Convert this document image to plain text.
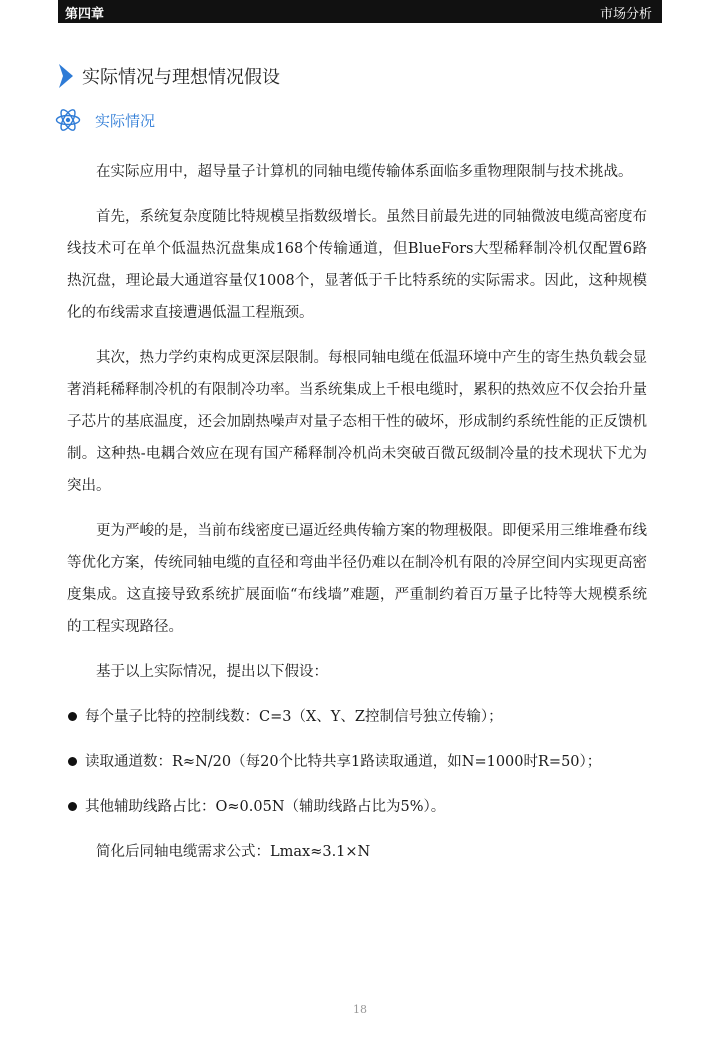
第四章	市场分析
实际情况与理想情况假设
实际情况

在实际应用中，超导量子计算机的同轴电缆传输体系面临多重物理限制与技术挑战。

首先，系统复杂度随比特规模呈指数级增长。虽然目前最先进的同轴微波电缆高密度布线技术可在单个低温热沉盘集成168个传输通道，但BlueFors大型稀释制冷机仅配置6路热沉盘，理论最大通道容量仅1008个，显著低于千比特系统的实际需求。因此，这种规模化的布线需求直接遭遇低温工程瓶颈。

其次，热力学约束构成更深层限制。每根同轴电缆在低温环境中产生的寄生热负载会显著消耗稀释制冷机的有限制冷功率。当系统集成上千根电缆时，累积的热效应不仅会抬升量子芯片的基底温度，还会加剧热噪声对量子态相干性的破坏，形成制约系统性能的正反馈机制。这种热-电耦合效应在现有国产稀释制冷机尚未突破百微瓦级制冷量的技术现状下尤为突出。

更为严峻的是，当前布线密度已逼近经典传输方案的物理极限。即便采用三维堆叠布线等优化方案，传统同轴电缆的直径和弯曲半径仍难以在制冷机有限的冷屏空间内实现更高密度集成。这直接导致系统扩展面临“布线墙”难题，严重制约着百万量子比特等大规模系统的工程实现路径。

基于以上实际情况，提出以下假设：

每个量子比特的控制线数：C=3（X、Y、Z控制信号独立传输）；
读取通道数：R≈N/20（每20个比特共享1路读取通道，如N=1000时R=50）；
其他辅助线路占比：O≈0.05N（辅助线路占比为5%）。

简化后同轴电缆需求公式：Lmax≈3.1×N

18
